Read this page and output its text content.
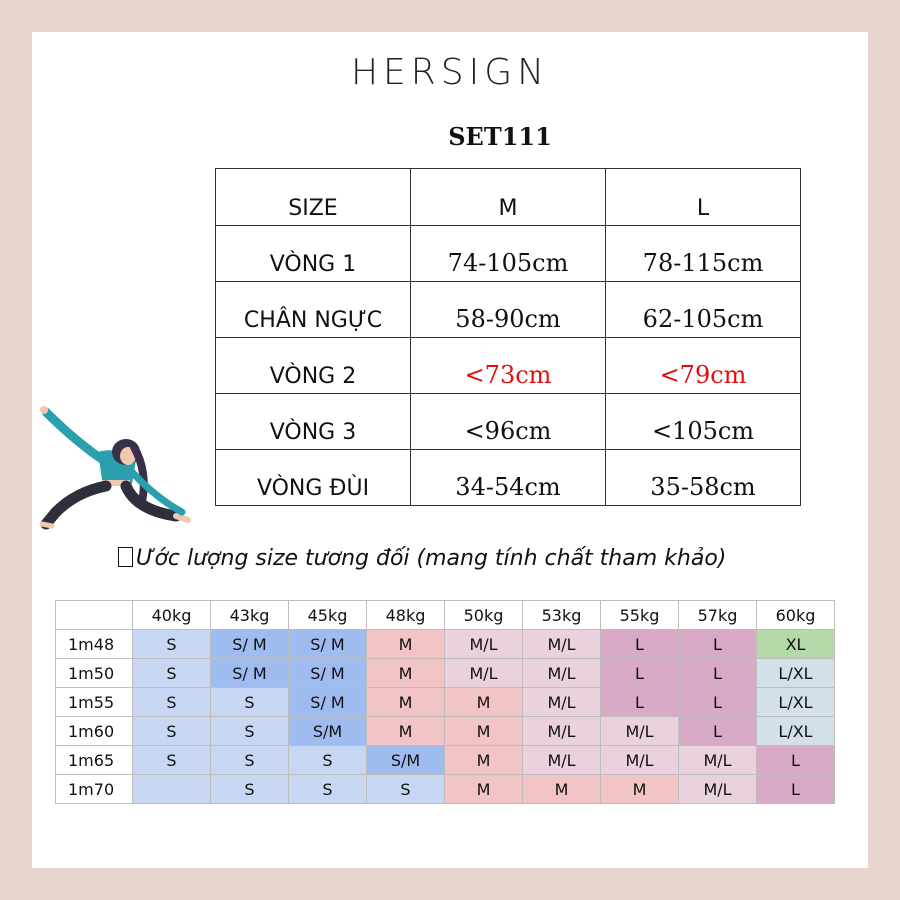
HERSIGN
SET111
SIZE	M	L
VÒNG 1	74-105cm	78-115cm
CHÂN NGỰC	58-90cm	62-105cm
VÒNG 2	<73cm	<79cm
VÒNG 3	<96cm	<105cm
VÒNG ĐÙI	34-54cm	35-58cm
Ước lượng size tương đối (mang tính chất tham khảo)
	40kg	43kg	45kg	48kg	50kg	53kg	55kg	57kg	60kg
1m48	S	S/ M	S/ M	M	M/L	M/L	L	L	XL
1m50	S	S/ M	S/ M	M	M/L	M/L	L	L	L/XL
1m55	S	S	S/ M	M	M	M/L	L	L	L/XL
1m60	S	S	S/M	M	M	M/L	M/L	L	L/XL
1m65	S	S	S	S/M	M	M/L	M/L	M/L	L
1m70		S	S	S	M	M	M	M/L	L
